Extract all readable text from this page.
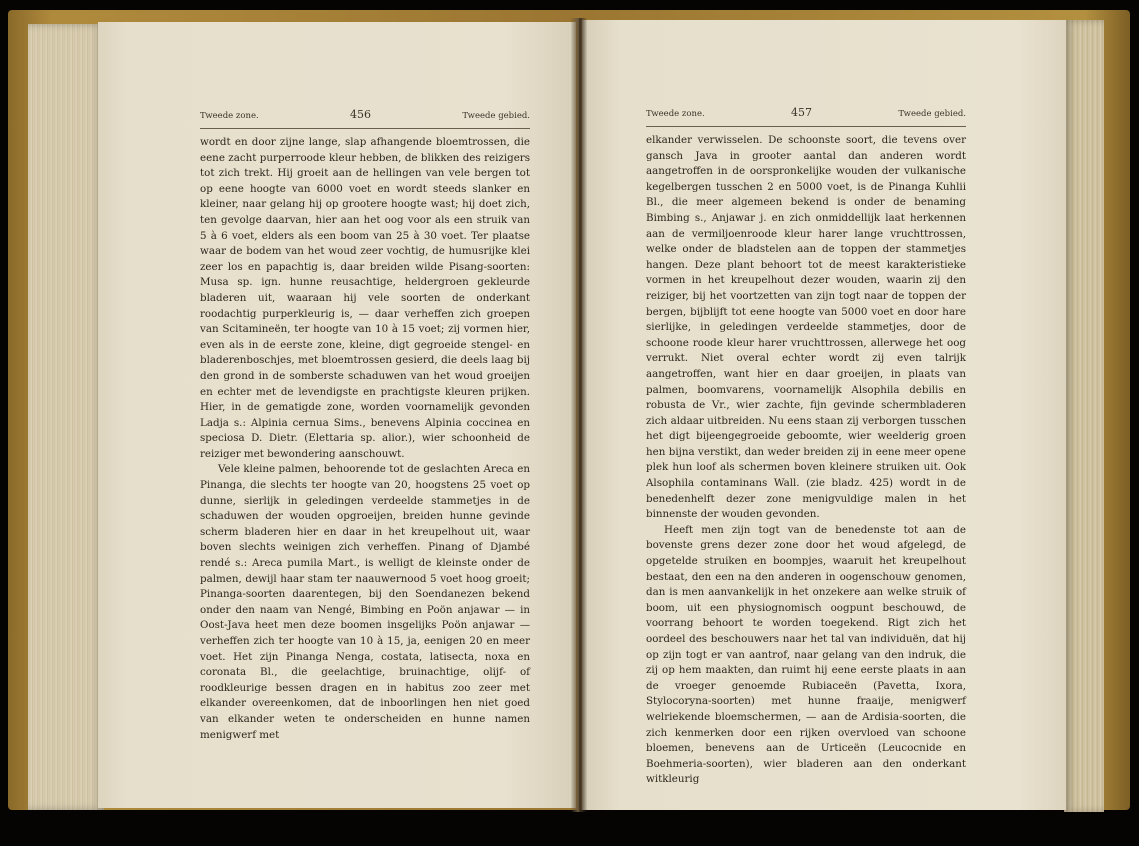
Tweede zone.	456	Tweede gebied.

wordt en door zijne lange, slap afhangende bloemtrossen, die eene zacht purperroode kleur hebben, de blikken des reizigers tot zich trekt. Hij groeit aan de hellingen van vele bergen tot op eene hoogte van 6000 voet en wordt steeds slanker en kleiner, naar gelang hij op grootere hoogte wast; hij doet zich, ten gevolge daarvan, hier aan het oog voor als een struik van 5 à 6 voet, elders als een boom van 25 à 30 voet. Ter plaatse waar de bodem van het woud zeer vochtig, de humusrijke klei zeer los en papachtig is, daar breiden wilde Pisang-soorten: Musa sp. ign. hunne reusachtige, heldergroen gekleurde bladeren uit, waaraan hij vele soorten de onderkant roodachtig purperkleurig is, — daar verheffen zich groepen van Scitamineën, ter hoogte van 10 à 15 voet; zij vormen hier, even als in de eerste zone, kleine, digt gegroeide stengel- en bladerenboschjes, met bloemtrossen gesierd, die deels laag bij den grond in de somberste schaduwen van het woud groeijen en echter met de levendigste en prachtigste kleuren prijken. Hier, in de gematigde zone, worden voornamelijk gevonden Ladja s.: Alpinia cernua Sims., benevens Alpinia coccinea en speciosa D. Dietr. (Elettaria sp. alior.), wier schoonheid de reiziger met bewondering aanschouwt.

Vele kleine palmen, behoorende tot de geslachten Areca en Pinanga, die slechts ter hoogte van 20, hoogstens 25 voet op dunne, sierlijk in geledingen verdeelde stammetjes in de schaduwen der wouden opgroeijen, breiden hunne gevinde scherm bladeren hier en daar in het kreupelhout uit, waar boven slechts weinigen zich verheffen. Pinang of Djambé rendé s.: Areca pumila Mart., is welligt de kleinste onder de palmen, dewijl haar stam ter naauwernood 5 voet hoog groeit; Pinanga-soorten daarentegen, bij den Soendanezen bekend onder den naam van Nengé, Bimbing en Poön anjawar — in Oost-Java heet men deze boomen insgelijks Poön anjawar — verheffen zich ter hoogte van 10 à 15, ja, eenigen 20 en meer voet. Het zijn Pinanga Nenga, costata, latisecta, noxa en coronata Bl., die geelachtige, bruinachtige, olijf- of roodkleurige bessen dragen en in habitus zoo zeer met elkander overeenkomen, dat de inboorlingen hen niet goed van elkander weten te onderscheiden en hunne namen menigwerf met

Tweede zone.	457	Tweede gebied.

elkander verwisselen. De schoonste soort, die tevens over gansch Java in grooter aantal dan anderen wordt aangetroffen in de oorspronkelijke wouden der vulkanische kegelbergen tusschen 2 en 5000 voet, is de Pinanga Kuhlii Bl., die meer algemeen bekend is onder de benaming Bimbing s., Anjawar j. en zich onmiddellijk laat herkennen aan de vermiljoenroode kleur harer lange vruchttrossen, welke onder de bladstelen aan de toppen der stammetjes hangen. Deze plant behoort tot de meest karakteristieke vormen in het kreupelhout dezer wouden, waarin zij den reiziger, bij het voortzetten van zijn togt naar de toppen der bergen, bijblijft tot eene hoogte van 5000 voet en door hare sierlijke, in geledingen verdeelde stammetjes, door de schoone roode kleur harer vruchttrossen, allerwege het oog verrukt. Niet overal echter wordt zij even talrijk aangetroffen, want hier en daar groeijen, in plaats van palmen, boomvarens, voornamelijk Alsophila debilis en robusta de Vr., wier zachte, fijn gevinde schermbladeren zich aldaar uitbreiden. Nu eens staan zij verborgen tusschen het digt bijeengegroeide geboomte, wier weelderig groen hen bijna verstikt, dan weder breiden zij in eene meer opene plek hun loof als schermen boven kleinere struiken uit. Ook Alsophila contaminans Wall. (zie bladz. 425) wordt in de benedenhelft dezer zone menigvuldige malen in het binnenste der wouden gevonden.

Heeft men zijn togt van de benedenste tot aan de bovenste grens dezer zone door het woud afgelegd, de opgetelde struiken en boompjes, waaruit het kreupelhout bestaat, den een na den anderen in oogenschouw genomen, dan is men aanvankelijk in het onzekere aan welke struik of boom, uit een physiognomisch oogpunt beschouwd, de voorrang behoort te worden toegekend. Rigt zich het oordeel des beschouwers naar het tal van individuën, dat hij op zijn togt er van aantrof, naar gelang van den indruk, die zij op hem maakten, dan ruimt hij eene eerste plaats in aan de vroeger genoemde Rubiaceën (Pavetta, Ixora, Stylocoryna-soorten) met hunne fraaije, menigwerf welriekende bloemschermen, — aan de Ardisia-soorten, die zich kenmerken door een rijken overvloed van schoone bloemen, benevens aan de Urticeën (Leucocnide en Boehmeria-soorten), wier bladeren aan den onderkant witkleurig
